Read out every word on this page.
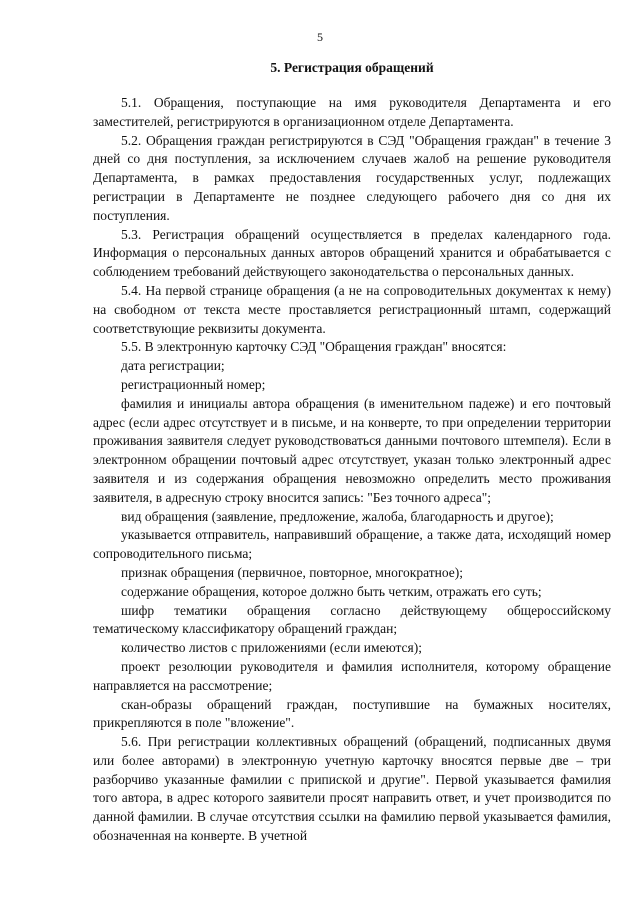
5
5. Регистрация обращений

5.1. Обращения, поступающие на имя руководителя Департамента и его заместителей, регистрируются в организационном отделе Департамента.

5.2. Обращения граждан регистрируются в СЭД "Обращения граждан" в течение 3 дней со дня поступления, за исключением случаев жалоб на решение руководителя Департамента, в рамках предоставления государственных услуг, подлежащих регистрации в Департаменте не позднее следующего рабочего дня со дня их поступления.

5.3. Регистрация обращений осуществляется в пределах календарного года. Информация о персональных данных авторов обращений хранится и обрабатывается с соблюдением требований действующего законодательства о персональных данных.

5.4. На первой странице обращения (а не на сопроводительных документах к нему) на свободном от текста месте проставляется регистрационный штамп, содержащий соответствующие реквизиты документа.

5.5. В электронную карточку СЭД "Обращения граждан" вносятся:

дата регистрации;

регистрационный номер;

фамилия и инициалы автора обращения (в именительном падеже) и его почтовый адрес (если адрес отсутствует и в письме, и на конверте, то при определении территории проживания заявителя следует руководствоваться данными почтового штемпеля). Если в электронном обращении почтовый адрес отсутствует, указан только электронный адрес заявителя и из содержания обращения невозможно определить место проживания заявителя, в адресную строку вносится запись: "Без точного адреса";

вид обращения (заявление, предложение, жалоба, благодарность и другое);

указывается отправитель, направивший обращение, а также дата, исходящий номер сопроводительного письма;

признак обращения (первичное, повторное, многократное);

содержание обращения, которое должно быть четким, отражать его суть;

шифр тематики обращения согласно действующему общероссийскому тематическому классификатору обращений граждан;

количество листов с приложениями (если имеются);

проект резолюции руководителя и фамилия исполнителя, которому обращение направляется на рассмотрение;

скан-образы обращений граждан, поступившие на бумажных носителях, прикрепляются в поле "вложение".

5.6. При регистрации коллективных обращений (обращений, подписанных двумя или более авторами) в электронную учетную карточку вносятся первые две – три разборчиво указанные фамилии с припиской и другие". Первой указывается фамилия того автора, в адрес которого заявители просят направить ответ, и учет производится по данной фамилии. В случае отсутствия ссылки на фамилию первой указывается фамилия, обозначенная на конверте. В учетной
